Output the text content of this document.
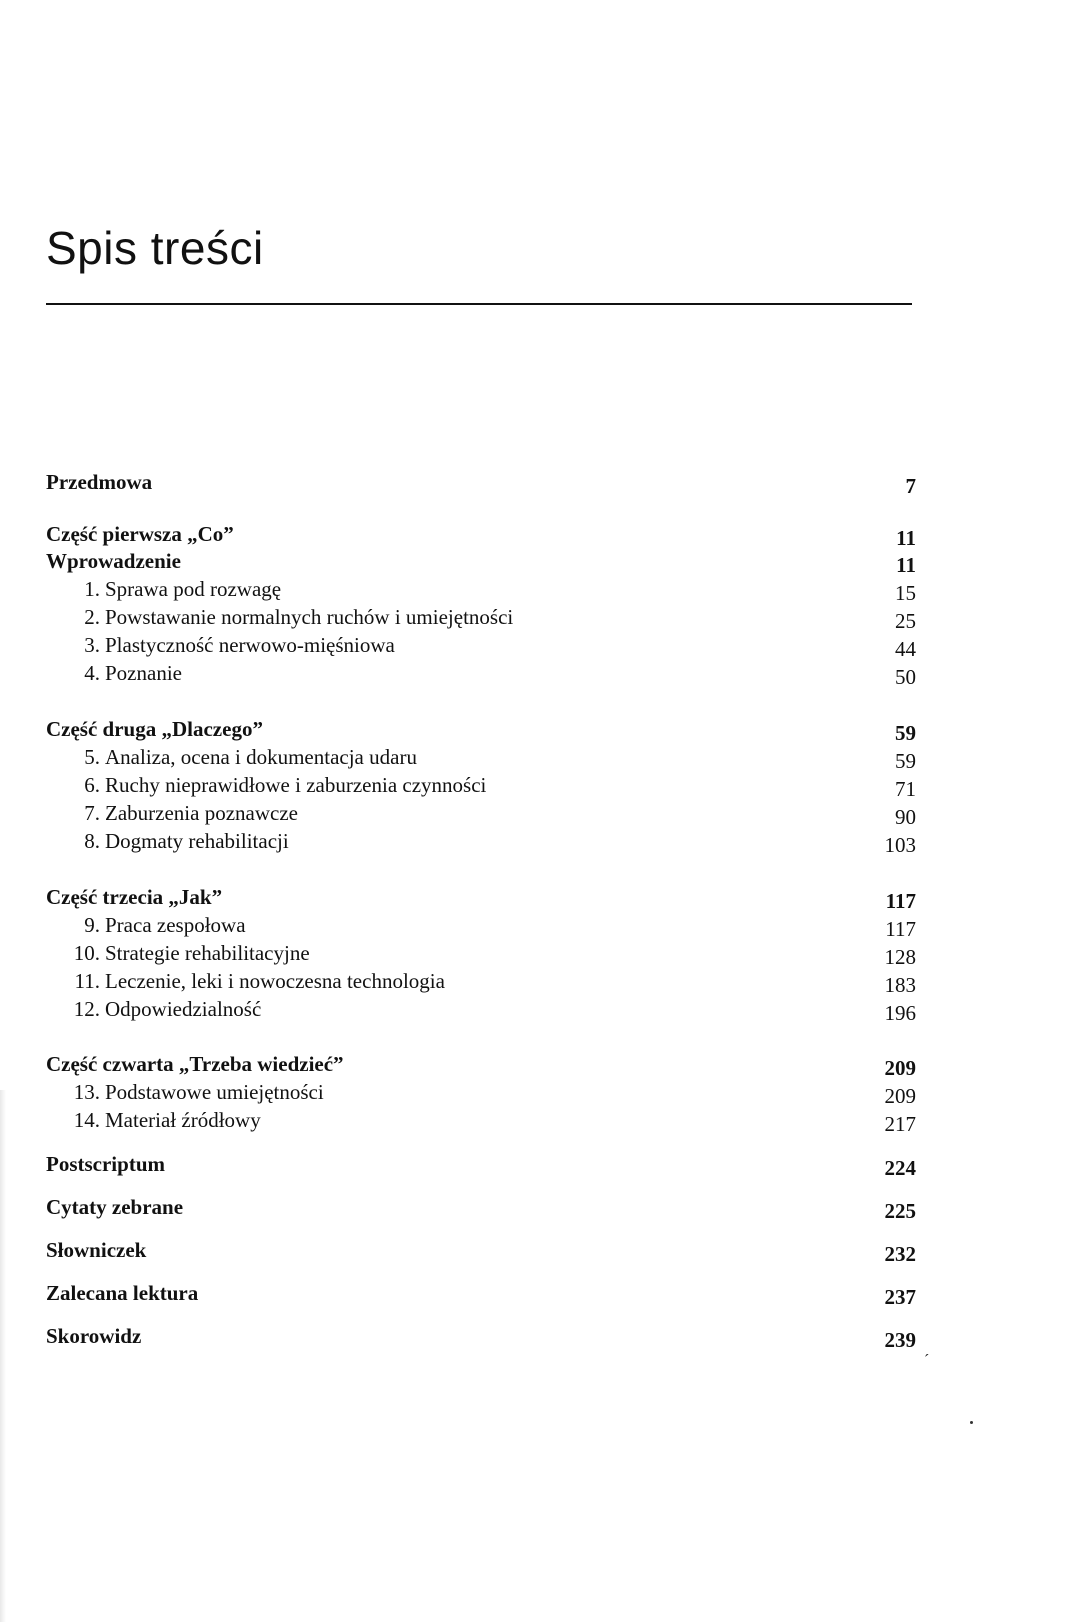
Spis treści
Przedmowa	7
Część pierwsza „Co”	11
Wprowadzenie	11
1. Sprawa pod rozwagę	15
2. Powstawanie normalnych ruchów i umiejętności	25
3. Plastyczność nerwowo-mięśniowa	44
4. Poznanie	50
Część druga „Dlaczego”	59
5. Analiza, ocena i dokumentacja udaru	59
6. Ruchy nieprawidłowe i zaburzenia czynności	71
7. Zaburzenia poznawcze	90
8. Dogmaty rehabilitacji	103
Część trzecia „Jak”	117
9. Praca zespołowa	117
10. Strategie rehabilitacyjne	128
11. Leczenie, leki i nowoczesna technologia	183
12. Odpowiedzialność	196
Część czwarta „Trzeba wiedzieć”	209
13. Podstawowe umiejętności	209
14. Materiał źródłowy	217
Postscriptum	224
Cytaty zebrane	225
Słowniczek	232
Zalecana lektura	237
Skorowidz	239
ˊ
